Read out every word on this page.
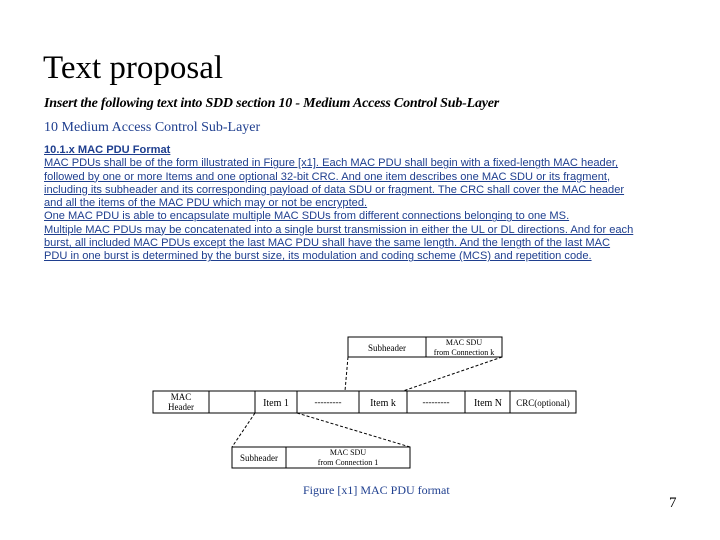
Text proposal
Insert the following text into SDD section 10 - Medium Access Control Sub-Layer
10 Medium Access Control Sub-Layer
10.1.x MAC PDU Format
MAC PDUs shall be of the form illustrated in Figure [x1]. Each MAC PDU shall begin with a fixed-length MAC header,
followed by one or more Items and one optional 32-bit CRC. And one item describes one MAC SDU or its fragment,
including its subheader and its corresponding payload of data SDU or fragment. The CRC shall cover the MAC header
and all the items of the MAC PDU which may or not be encrypted.
One MAC PDU is able to encapsulate multiple MAC SDUs from different connections belonging to one MS.
Multiple MAC PDUs may be concatenated into a single burst transmission in either the UL or DL directions. And for each
burst, all included MAC PDUs except the last MAC PDU shall have the same length. And the length of the last MAC
PDU in one burst is determined by the burst size, its modulation and coding scheme (MCS) and repetition code.
Subheader
MAC SDU
from Connection k
MAC
Header	Item 1	---------	Item k	--------- Item N CRC(optional)
Subheader
MAC SDU
from Connection 1
Figure [x1] MAC PDU format
7
